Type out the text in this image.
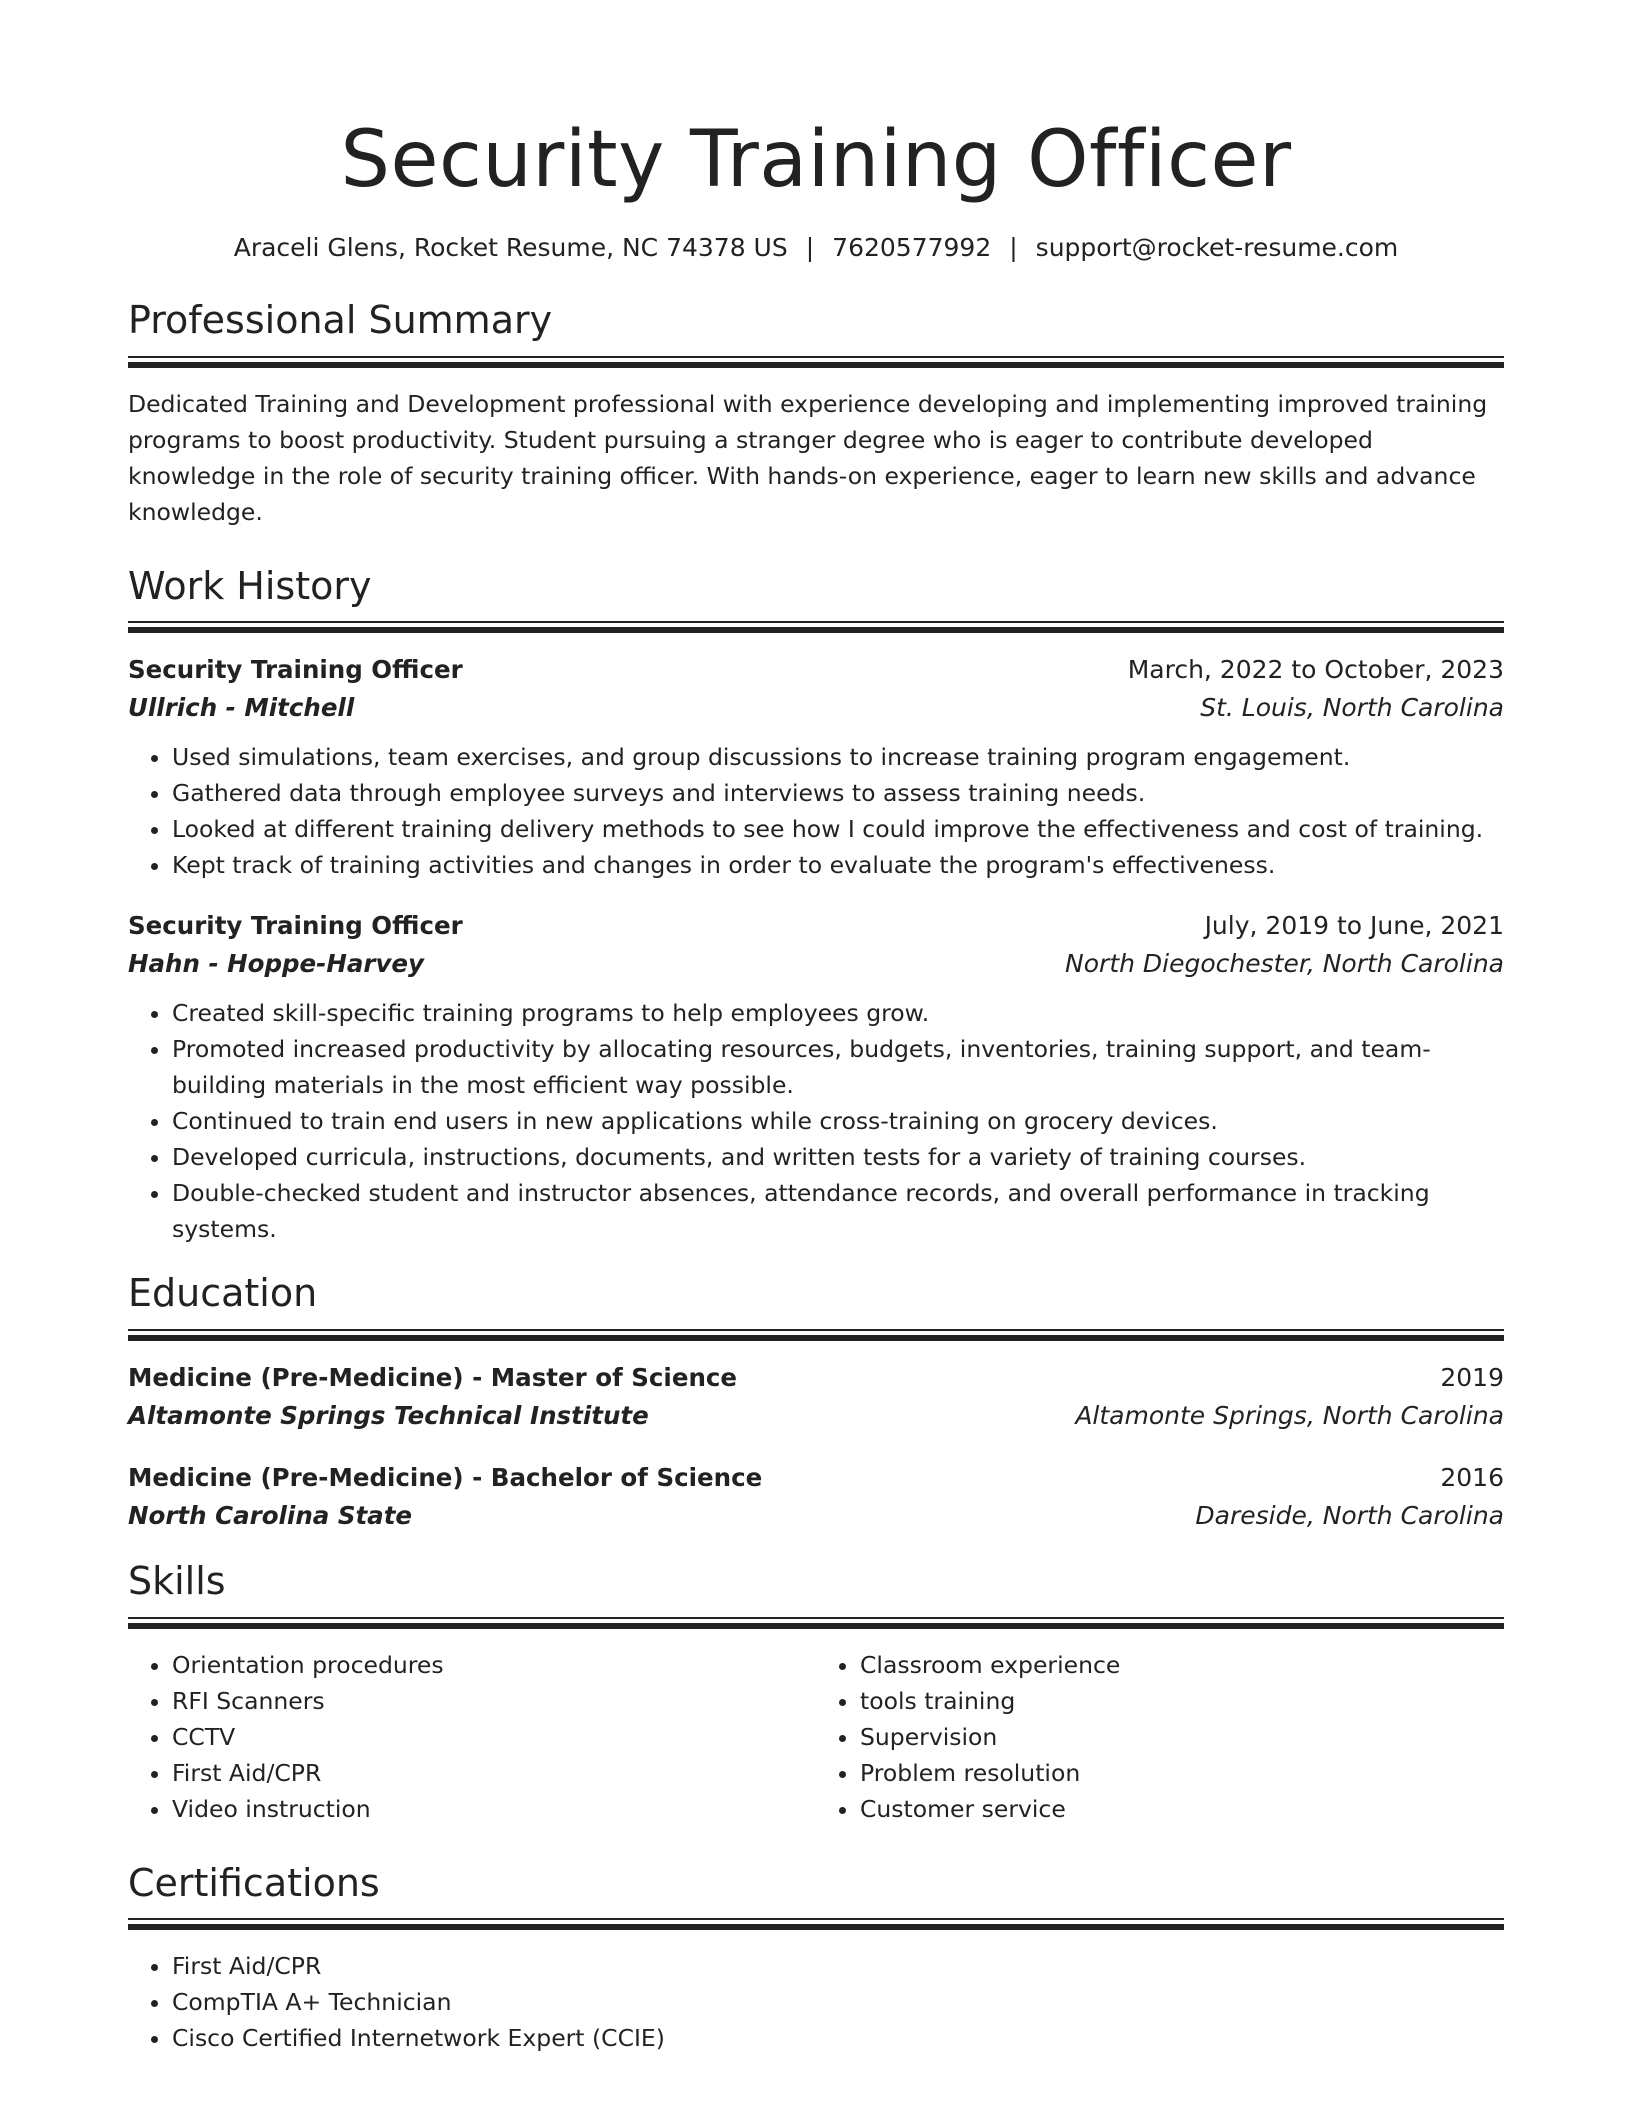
Security Training Officer
Araceli Glens, Rocket Resume, NC 74378 US | 7620577992 | support@rocket-resume.com
Professional Summary

Dedicated Training and Development professional with experience developing and implementing improved training programs to boost productivity. Student pursuing a stranger degree who is eager to contribute developed knowledge in the role of security training officer. With hands-on experience, eager to learn new skills and advance knowledge.

Work History
Security Training Officer	March, 2022 to October, 2023
Ullrich - Mitchell	St. Louis, North Carolina
• Used simulations, team exercises, and group discussions to increase training program engagement.
• Gathered data through employee surveys and interviews to assess training needs.
• Looked at different training delivery methods to see how I could improve the effectiveness and cost of training.
• Kept track of training activities and changes in order to evaluate the program's effectiveness.
Security Training Officer	July, 2019 to June, 2021
Hahn - Hoppe-Harvey	North Diegochester, North Carolina
• Created skill-specific training programs to help employees grow.
• Promoted increased productivity by allocating resources, budgets, inventories, training support, and team-building materials in the most efficient way possible.
• Continued to train end users in new applications while cross-training on grocery devices.
• Developed curricula, instructions, documents, and written tests for a variety of training courses.
• Double-checked student and instructor absences, attendance records, and overall performance in tracking systems.
Education
Medicine (Pre-Medicine) - Master of Science	2019
Altamonte Springs Technical Institute	Altamonte Springs, North Carolina
Medicine (Pre-Medicine) - Bachelor of Science	2016
North Carolina State	Dareside, North Carolina
Skills
• Orientation procedures
• RFI Scanners
• CCTV
• First Aid/CPR
• Video instruction
• Classroom experience
• tools training
• Supervision
• Problem resolution
• Customer service
Certifications
• First Aid/CPR
• CompTIA A+ Technician
• Cisco Certified Internetwork Expert (CCIE)
